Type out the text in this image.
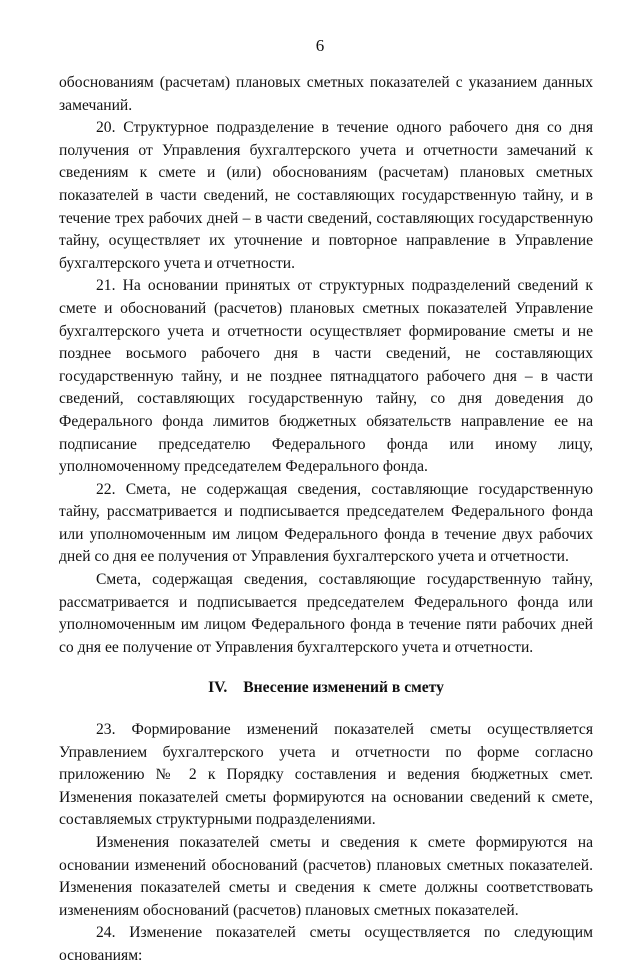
6

обоснованиям (расчетам) плановых сметных показателей с указанием данных замечаний.

20. Структурное подразделение в течение одного рабочего дня со дня получения от Управления бухгалтерского учета и отчетности замечаний к сведениям к смете и (или) обоснованиям (расчетам) плановых сметных показателей в части сведений, не составляющих государственную тайну, и в течение трех рабочих дней – в части сведений, составляющих государственную тайну, осуществляет их уточнение и повторное направление в Управление бухгалтерского учета и отчетности.

21. На основании принятых от структурных подразделений сведений к смете и обоснований (расчетов) плановых сметных показателей Управление бухгалтерского учета и отчетности осуществляет формирование сметы и не позднее восьмого рабочего дня в части сведений, не составляющих государственную тайну, и не позднее пятнадцатого рабочего дня – в части сведений, составляющих государственную тайну, со дня доведения до Федерального фонда лимитов бюджетных обязательств направление ее на подписание председателю Федерального фонда или иному лицу, уполномоченному председателем Федерального фонда.

22. Смета, не содержащая сведения, составляющие государственную тайну, рассматривается и подписывается председателем Федерального фонда или уполномоченным им лицом Федерального фонда в течение двух рабочих дней со дня ее получения от Управления бухгалтерского учета и отчетности.

Смета, содержащая сведения, составляющие государственную тайну, рассматривается и подписывается председателем Федерального фонда или уполномоченным им лицом Федерального фонда в течение пяти рабочих дней со дня ее получение от Управления бухгалтерского учета и отчетности.

IV. Внесение изменений в смету

23. Формирование изменений показателей сметы осуществляется Управлением бухгалтерского учета и отчетности по форме согласно приложению № 2 к Порядку составления и ведения бюджетных смет. Изменения показателей сметы формируются на основании сведений к смете, составляемых структурными подразделениями.

Изменения показателей сметы и сведения к смете формируются на основании изменений обоснований (расчетов) плановых сметных показателей. Изменения показателей сметы и сведения к смете должны соответствовать изменениям обоснований (расчетов) плановых сметных показателей.

24. Изменение показателей сметы осуществляется по следующим основаниям:
